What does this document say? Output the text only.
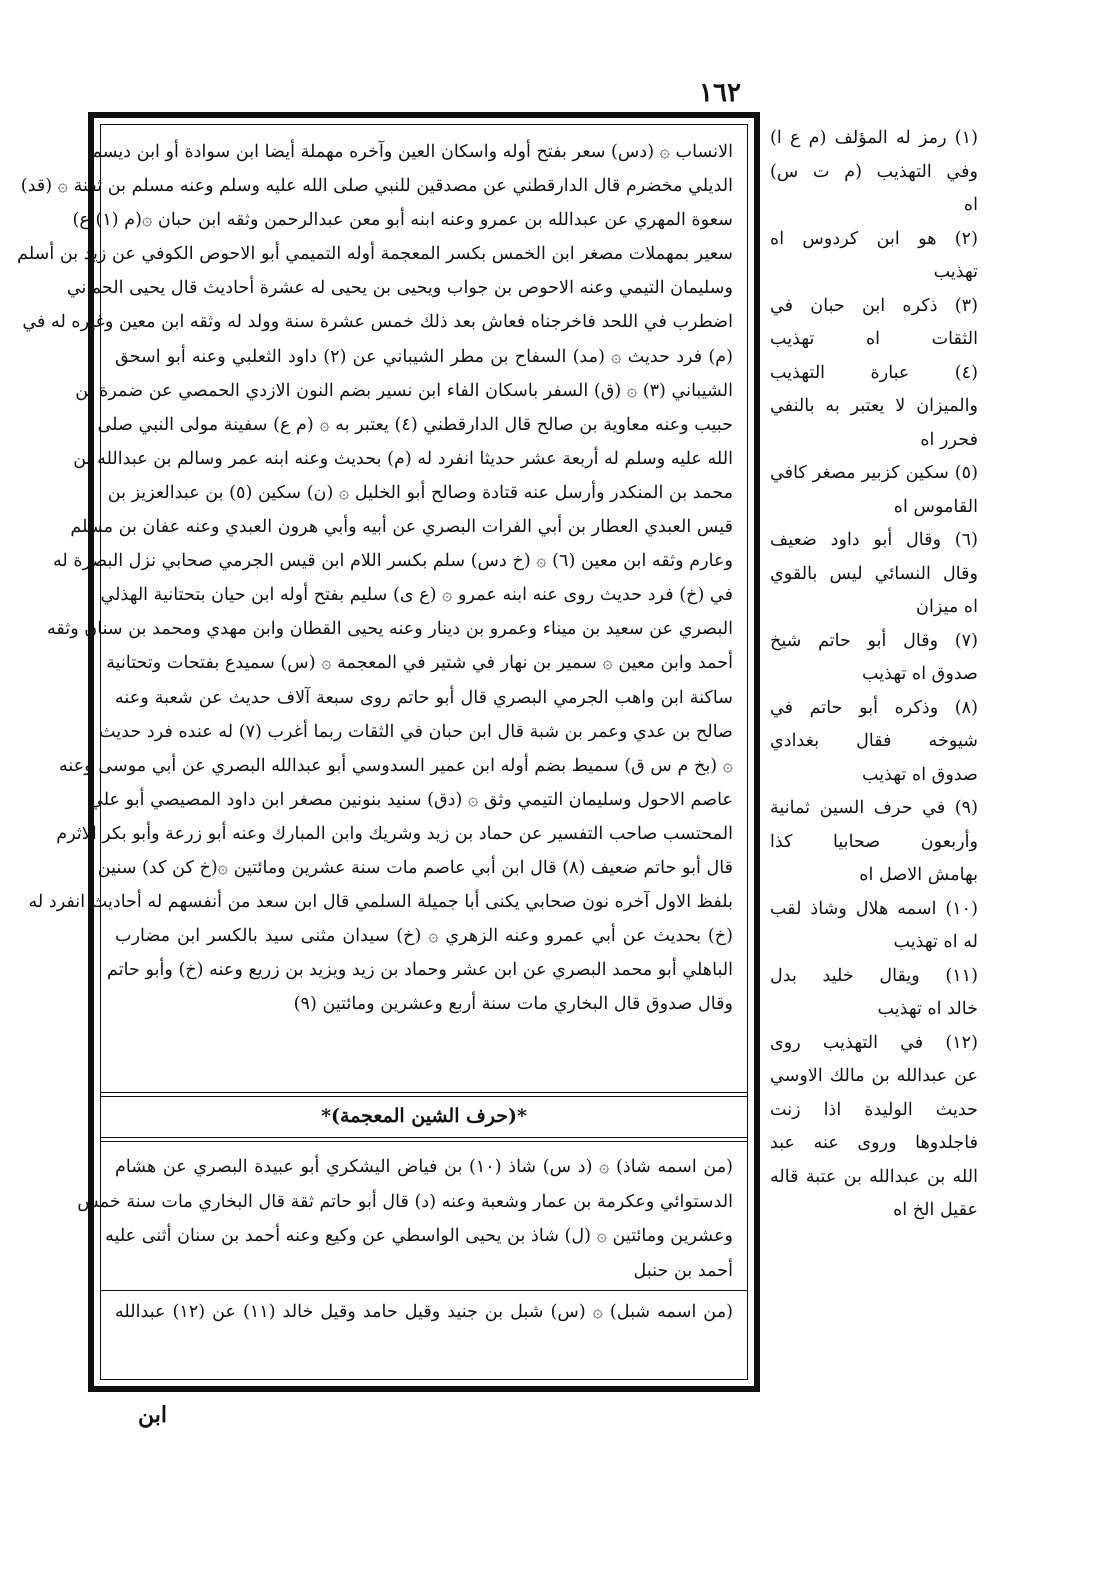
١٦٢

الانساب ۞ (دس) سعر بفتح أوله واسكان العين وآخره مهملة أيضا ابن سوادة أو ابن ديسم

الديلي مخضرم قال الدارقطني عن مصدقين للنبي صلى الله عليه وسلم وعنه مسلم بن ثفنة ۞ (قد)

سعوة المهري عن عبدالله بن عمرو وعنه ابنه أبو معن عبدالرحمن وثقه ابن حبان ۞(م (١) ع)

سعير بمهملات مصغر ابن الخمس بكسر المعجمة أوله التميمي أبو الاحوص الكوفي عن زيد بن أسلم

وسليمان التيمي وعنه الاحوص بن جواب ويحيى بن يحيى له عشرة أحاديث قال يحيى الحماني

اضطرب في اللحد فاخرجناه فعاش بعد ذلك خمس عشرة سنة وولد له وثقه ابن معين وغيره له في

(م) فرد حديث ۞ (مد) السفاح بن مطر الشيباني عن (٢) داود الثعلبي وعنه أبو اسحق

الشيباني (٣) ۞ (ق) السفر باسكان الفاء ابن نسير بضم النون الازدي الحمصي عن ضمرة بن

حبيب وعنه معاوية بن صالح قال الدارقطني (٤) يعتبر به ۞ (م ع) سفينة مولى النبي صلى

الله عليه وسلم له أربعة عشر حديثا انفرد له (م) بحديث وعنه ابنه عمر وسالم بن عبدالله بن

محمد بن المنكدر وأرسل عنه قتادة وصالح أبو الخليل ۞ (ن) سكين (٥) بن عبدالعزيز بن

قيس العبدي العطار بن أبي الفرات البصري عن أبيه وأبي هرون العبدي وعنه عفان بن مسلم

وعارم وثقه ابن معين (٦) ۞ (خ دس) سلم بكسر اللام ابن قيس الجرمي صحابي نزل البصرة له

في (خ) فرد حديث روى عنه ابنه عمرو ۞ (ع ى) سليم بفتح أوله ابن حيان بتحتانية الهذلي

البصري عن سعيد بن ميناء وعمرو بن دينار وعنه يحيى القطان وابن مهدي ومحمد بن سنان وثقه

أحمد وابن معين ۞ سمير بن نهار في شتير في المعجمة ۞ (س) سميدع بفتحات وتحتانية

ساكنة ابن واهب الجرمي البصري قال أبو حاتم روى سبعة آلاف حديث عن شعبة وعنه

صالح بن عدي وعمر بن شبة قال ابن حبان في الثقات ربما أغرب (٧) له عنده فرد حديث

۞ (بخ م س ق) سميط بضم أوله ابن عمير السدوسي أبو عبدالله البصري عن أبي موسى وعنه

عاصم الاحول وسليمان التيمي وثق ۞ (دق) سنيد بنونين مصغر ابن داود المصيصي أبو علي

المحتسب صاحب التفسير عن حماد بن زيد وشريك وابن المبارك وعنه أبو زرعة وأبو بكر الاثرم

قال أبو حاتم ضعيف (٨) قال ابن أبي عاصم مات سنة عشرين ومائتين ۞(خ كن كد) سنين

بلفظ الاول آخره نون صحابي يكنى أبا جميلة السلمي قال ابن سعد من أنفسهم له أحاديث انفرد له

(خ) بحديث عن أبي عمرو وعنه الزهري ۞ (خ) سيدان مثنى سيد بالكسر ابن مضارب

الباهلي أبو محمد البصري عن ابن عشر وحماد بن زيد ويزيد بن زريع وعنه (خ) وأبو حاتم

وقال صدوق قال البخاري مات سنة أربع وعشرين ومائتين (٩)

*(حرف الشين المعجمة)*

(من اسمه شاذ) ۞ (د س) شاذ (١٠) بن فياض اليشكري أبو عبيدة البصري عن هشام

الدستوائي وعكرمة بن عمار وشعبة وعنه (د) قال أبو حاتم ثقة قال البخاري مات سنة خمس

وعشرين ومائتين ۞ (ل) شاذ بن يحيى الواسطي عن وكيع وعنه أحمد بن سنان أثنى عليه

أحمد بن حنبل

(من اسمه شبل) ۞ (س) شبل بن جنيد وقيل حامد وقيل خالد (١١) عن (١٢) عبدالله

(١) رمز له المؤلف (م ع ا)

وفي التهذيب (م ت س)

اه

(٢) هو ابن كردوس اه

تهذيب

(٣) ذكره ابن حبان في

الثقات اه تهذيب

(٤) عبارة التهذيب

والميزان لا يعتبر به بالنفي

فحرر اه

(٥) سكين كزبير مصغر كافي

القاموس اه

(٦) وقال أبو داود ضعيف

وقال النسائي ليس بالقوي

اه ميزان

(٧) وقال أبو حاتم شيخ

صدوق اه تهذيب

(٨) وذكره أبو حاتم في

شيوخه فقال بغدادي

صدوق اه تهذيب

(٩) في حرف السين ثمانية

وأربعون صحابيا كذا

بهامش الاصل اه

(١٠) اسمه هلال وشاذ لقب

له اه تهذيب

(١١) ويقال خليد بدل

خالد اه تهذيب

(١٢) في التهذيب روى

عن عبدالله بن مالك الاوسي

حديث الوليدة اذا زنت

فاجلدوها وروى عنه عبد

الله بن عبدالله بن عتبة قاله

عقيل الخ اه

ابن
